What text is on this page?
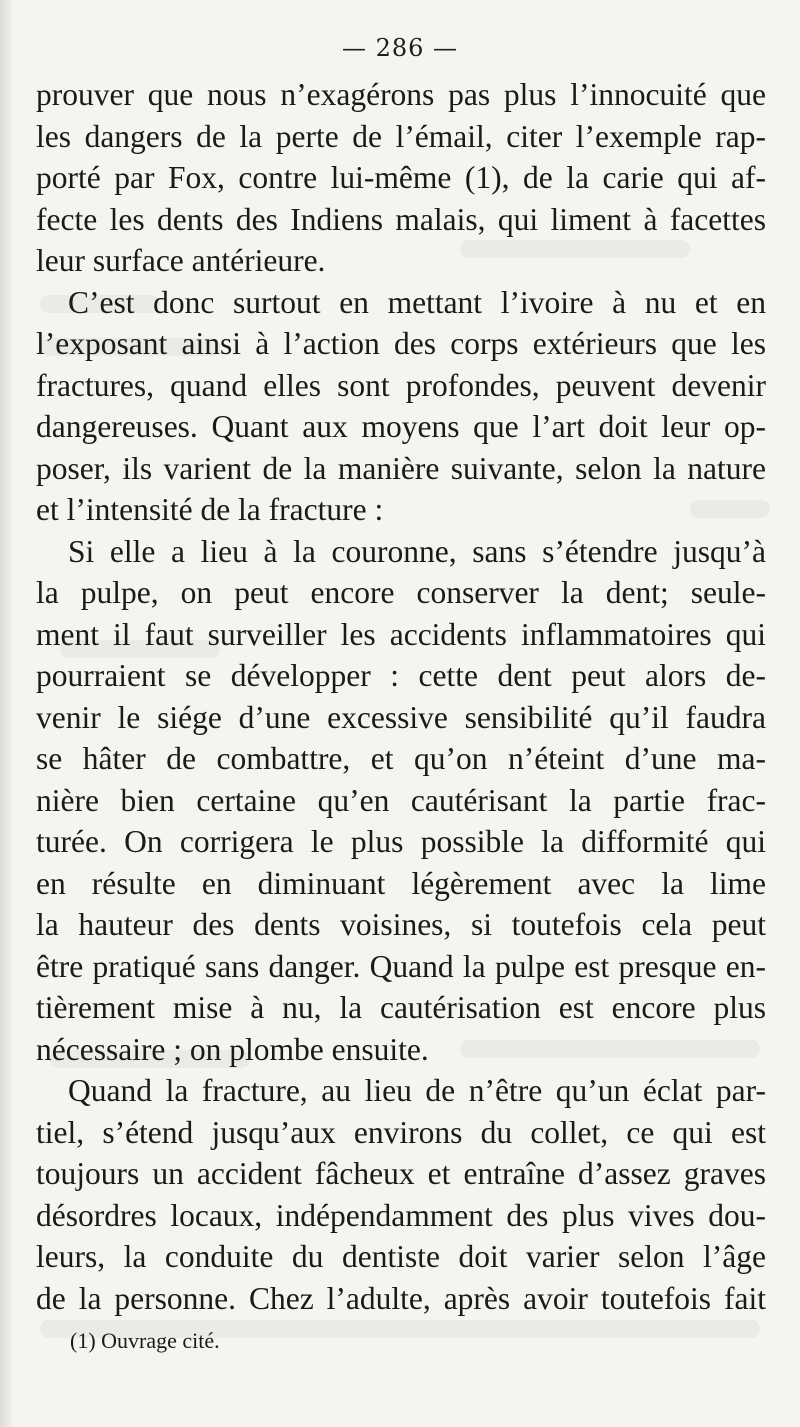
— 286 —

prouver que nous n’exagérons pas plus l’innocuité que
les dangers de la perte de l’émail, citer l’exemple rap-
porté par Fox, contre lui-même (1), de la carie qui af-
fecte les dents des Indiens malais, qui liment à facettes
leur surface antérieure.

C’est donc surtout en mettant l’ivoire à nu et en
l’exposant ainsi à l’action des corps extérieurs que les
fractures, quand elles sont profondes, peuvent devenir
dangereuses. Quant aux moyens que l’art doit leur op-
poser, ils varient de la manière suivante, selon la nature
et l’intensité de la fracture :

Si elle a lieu à la couronne, sans s’étendre jusqu’à
la pulpe, on peut encore conserver la dent; seule-
ment il faut surveiller les accidents inflammatoires qui
pourraient se développer : cette dent peut alors de-
venir le siége d’une excessive sensibilité qu’il faudra
se hâter de combattre, et qu’on n’éteint d’une ma-
nière bien certaine qu’en cautérisant la partie frac-
turée. On corrigera le plus possible la difformité qui
en résulte en diminuant légèrement avec la lime
la hauteur des dents voisines, si toutefois cela peut
être pratiqué sans danger. Quand la pulpe est presque en-
tièrement mise à nu, la cautérisation est encore plus
nécessaire ; on plombe ensuite.

Quand la fracture, au lieu de n’être qu’un éclat par-
tiel, s’étend jusqu’aux environs du collet, ce qui est
toujours un accident fâcheux et entraîne d’assez graves
désordres locaux, indépendamment des plus vives dou-
leurs, la conduite du dentiste doit varier selon l’âge
de la personne. Chez l’adulte, après avoir toutefois fait

(1) Ouvrage cité.
